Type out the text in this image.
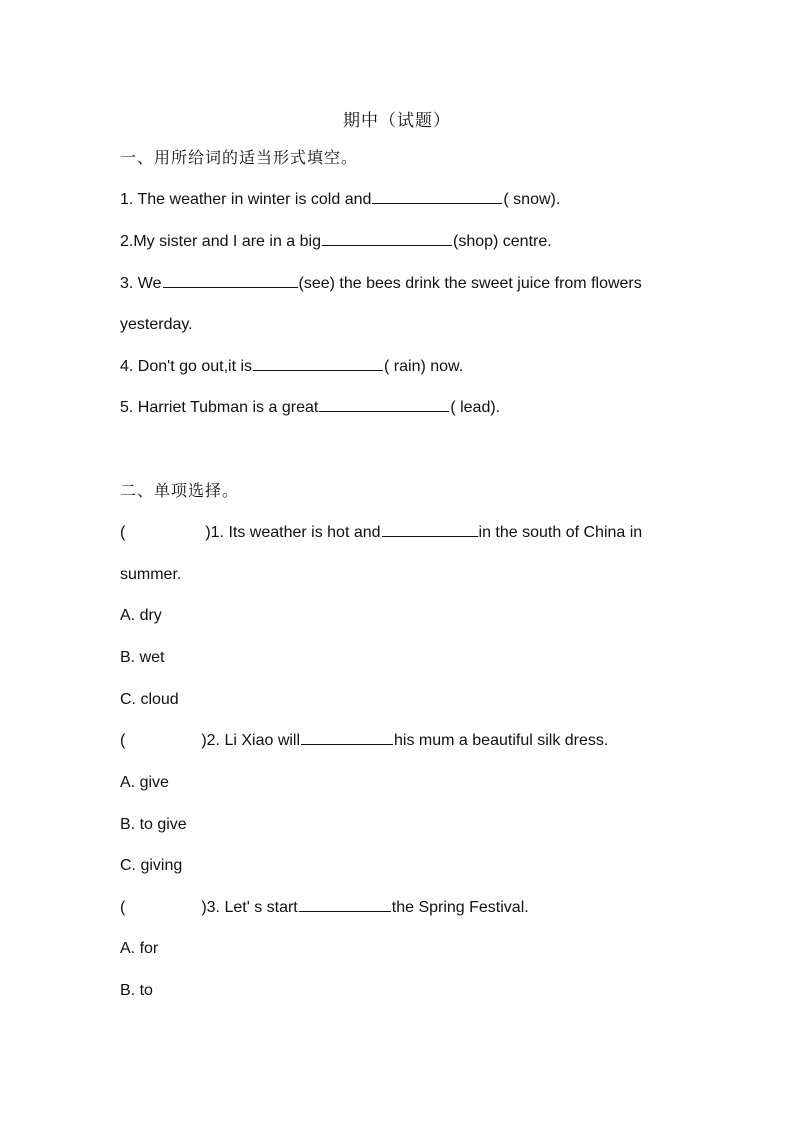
期中（试题）
一、用所给词的适当形式填空。
1. The weather in winter is cold and	( snow).
2.My sister and I are in a big	(shop) centre.
3. We	(see) the bees drink the sweet juice from flowers
yesterday.
4. Don't go out,it is	( rain) now.
5. Harriet Tubman is a great	( lead).
二、单项选择。
(	)1. Its weather is hot and	in the south of China in
summer.
A. dry
B. wet
C. cloud
(	)2. Li Xiao will	his mum a beautiful silk dress.
A. give
B. to give
C. giving
(	)3. Let' s start	the Spring Festival.
A. for
B. to
